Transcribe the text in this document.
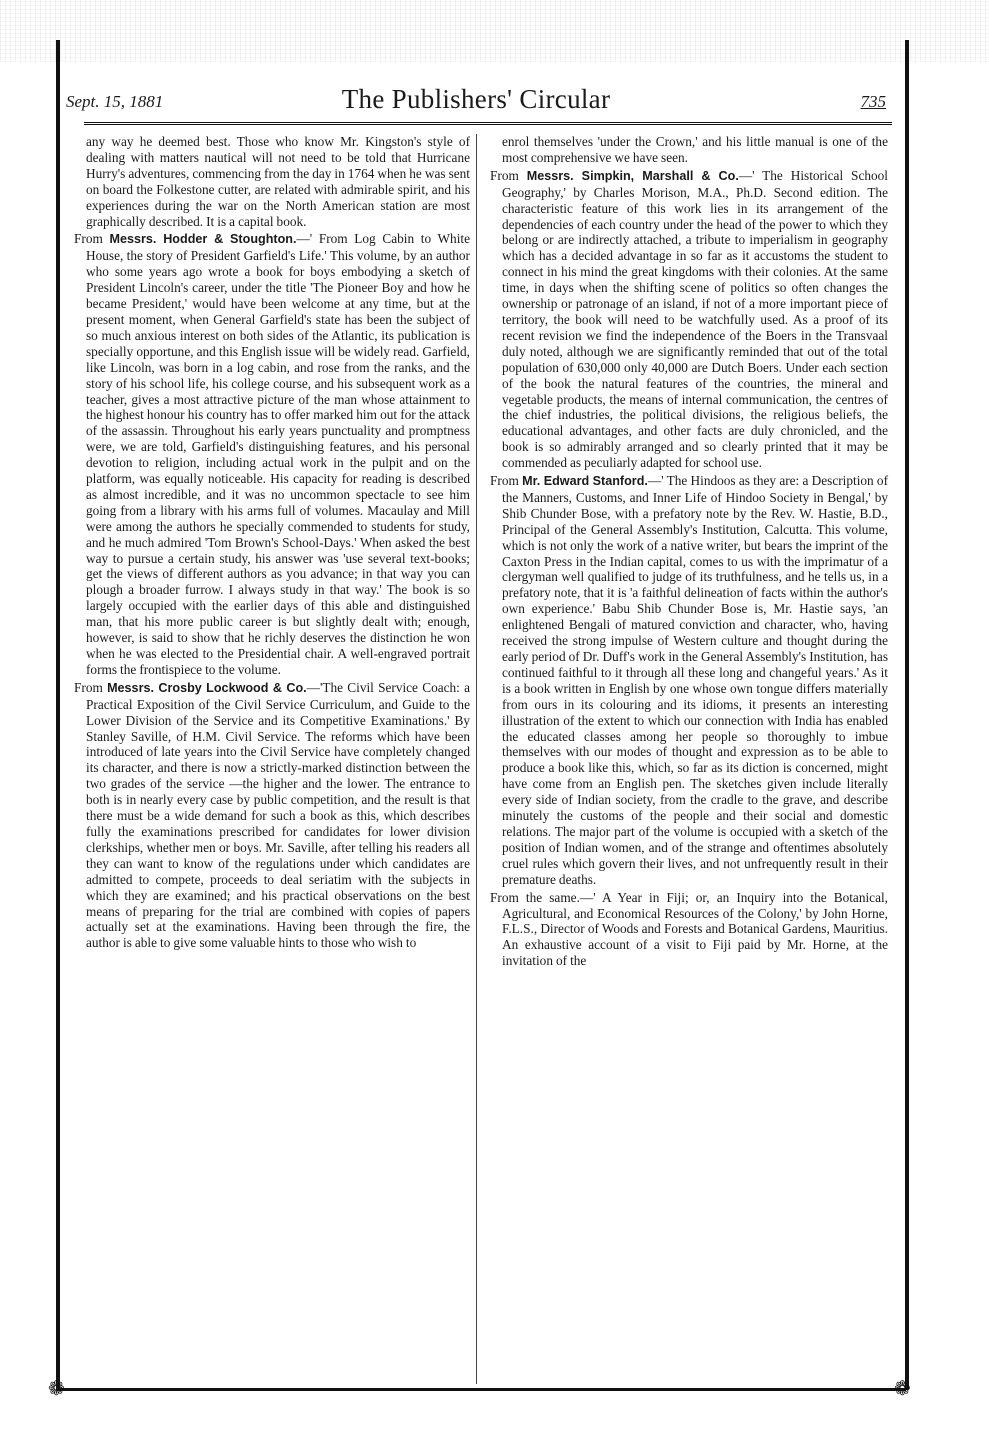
❁	❁
Sept. 15, 1881	The Publishers' Circular	735

any way he deemed best. Those who know Mr. Kingston's style of dealing with matters nautical will not need to be told that Hurricane Hurry's adventures, commencing from the day in 1764 when he was sent on board the Folkestone cutter, are related with admirable spirit, and his experiences during the war on the North American station are most graphically described. It is a capital book.

From Messrs. Hodder & Stoughton.—' From Log Cabin to White House, the story of President Garfield's Life.' This volume, by an author who some years ago wrote a book for boys embodying a sketch of President Lincoln's career, under the title 'The Pioneer Boy and how he became President,' would have been welcome at any time, but at the present moment, when General Garfield's state has been the subject of so much anxious interest on both sides of the Atlantic, its publication is specially opportune, and this English issue will be widely read. Garfield, like Lincoln, was born in a log cabin, and rose from the ranks, and the story of his school life, his college course, and his subsequent work as a teacher, gives a most attractive picture of the man whose attainment to the highest honour his country has to offer marked him out for the attack of the assassin. Throughout his early years punctuality and promptness were, we are told, Garfield's distinguishing features, and his personal devotion to religion, including actual work in the pulpit and on the platform, was equally noticeable. His capacity for reading is described as almost incredible, and it was no uncommon spectacle to see him going from a library with his arms full of volumes. Macaulay and Mill were among the authors he specially commended to students for study, and he much admired 'Tom Brown's School-Days.' When asked the best way to pursue a certain study, his answer was 'use several text-books; get the views of different authors as you advance; in that way you can plough a broader furrow. I always study in that way.' The book is so largely occupied with the earlier days of this able and distinguished man, that his more public career is but slightly dealt with; enough, however, is said to show that he richly deserves the distinction he won when he was elected to the Presidential chair. A well-engraved portrait forms the frontispiece to the volume.

From Messrs. Crosby Lockwood & Co.—'The Civil Service Coach: a Practical Exposition of the Civil Service Curriculum, and Guide to the Lower Division of the Service and its Competitive Examinations.' By Stanley Saville, of H.M. Civil Service. The reforms which have been introduced of late years into the Civil Service have completely changed its character, and there is now a strictly-marked distinction between the two grades of the service —the higher and the lower. The entrance to both is in nearly every case by public competition, and the result is that there must be a wide demand for such a book as this, which describes fully the examinations prescribed for candidates for lower division clerkships, whether men or boys. Mr. Saville, after telling his readers all they can want to know of the regulations under which candidates are admitted to compete, proceeds to deal seriatim with the subjects in which they are examined; and his practical observations on the best means of preparing for the trial are combined with copies of papers actually set at the examinations. Having been through the fire, the author is able to give some valuable hints to those who wish to

enrol themselves 'under the Crown,' and his little manual is one of the most comprehensive we have seen.

From Messrs. Simpkin, Marshall & Co.—' The Historical School Geography,' by Charles Morison, M.A., Ph.D. Second edition. The characteristic feature of this work lies in its arrangement of the dependencies of each country under the head of the power to which they belong or are indirectly attached, a tribute to imperialism in geography which has a decided advantage in so far as it accustoms the student to connect in his mind the great kingdoms with their colonies. At the same time, in days when the shifting scene of politics so often changes the ownership or patronage of an island, if not of a more important piece of territory, the book will need to be watchfully used. As a proof of its recent revision we find the independence of the Boers in the Transvaal duly noted, although we are significantly reminded that out of the total population of 630,000 only 40,000 are Dutch Boers. Under each section of the book the natural features of the countries, the mineral and vegetable products, the means of internal communication, the centres of the chief industries, the political divisions, the religious beliefs, the educational advantages, and other facts are duly chronicled, and the book is so admirably arranged and so clearly printed that it may be commended as peculiarly adapted for school use.

From Mr. Edward Stanford.—' The Hindoos as they are: a Description of the Manners, Customs, and Inner Life of Hindoo Society in Bengal,' by Shib Chunder Bose, with a prefatory note by the Rev. W. Hastie, B.D., Principal of the General Assembly's Institution, Calcutta. This volume, which is not only the work of a native writer, but bears the imprint of the Caxton Press in the Indian capital, comes to us with the imprimatur of a clergyman well qualified to judge of its truthfulness, and he tells us, in a prefatory note, that it is 'a faithful delineation of facts within the author's own experience.' Babu Shib Chunder Bose is, Mr. Hastie says, 'an enlightened Bengali of matured conviction and character, who, having received the strong impulse of Western culture and thought during the early period of Dr. Duff's work in the General Assembly's Institution, has continued faithful to it through all these long and changeful years.' As it is a book written in English by one whose own tongue differs materially from ours in its colouring and its idioms, it presents an interesting illustration of the extent to which our connection with India has enabled the educated classes among her people so thoroughly to imbue themselves with our modes of thought and expression as to be able to produce a book like this, which, so far as its diction is concerned, might have come from an English pen. The sketches given include literally every side of Indian society, from the cradle to the grave, and describe minutely the customs of the people and their social and domestic relations. The major part of the volume is occupied with a sketch of the position of Indian women, and of the strange and oftentimes absolutely cruel rules which govern their lives, and not unfrequently result in their premature deaths.

From the same.—' A Year in Fiji; or, an Inquiry into the Botanical, Agricultural, and Economical Resources of the Colony,' by John Horne, F.L.S., Director of Woods and Forests and Botanical Gardens, Mauritius. An exhaustive account of a visit to Fiji paid by Mr. Horne, at the invitation of the
